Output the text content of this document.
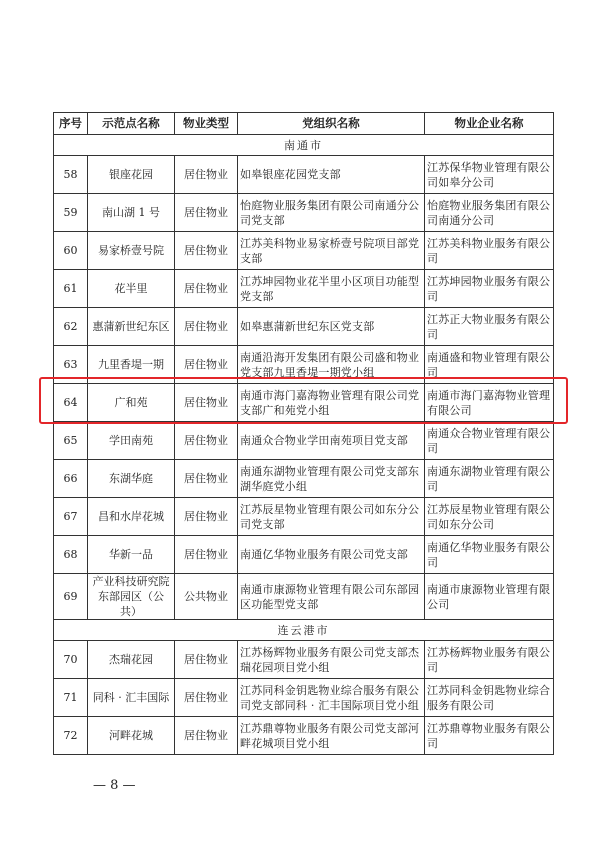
序号	示范点名称	物业类型	党组织名称	物业企业名称
南通市				
58	银座花园	居住物业	如皋银座花园党支部	江苏保华物业管理有限公司如皋分公司
59	南山湖 1 号	居住物业	怡庭物业服务集团有限公司南通分公司党支部	怡庭物业服务集团有限公司南通分公司
60	易家桥壹号院	居住物业	江苏美科物业易家桥壹号院项目部党支部	江苏美科物业服务有限公司
61	花半里	居住物业	江苏坤园物业花半里小区项目功能型党支部	江苏坤园物业服务有限公司
62	惠蒲新世纪东区	居住物业	如皋惠蒲新世纪东区党支部	江苏正大物业服务有限公司
63	九里香堤一期	居住物业	南通沿海开发集团有限公司盛和物业党支部九里香堤一期党小组	南通盛和物业管理有限公司
64	广和苑	居住物业	南通市海门嘉海物业管理有限公司党支部广和苑党小组	南通市海门嘉海物业管理有限公司
65	学田南苑	居住物业	南通众合物业学田南苑项目党支部	南通众合物业管理有限公司
66	东湖华庭	居住物业	南通东湖物业管理有限公司党支部东湖华庭党小组	南通东湖物业管理有限公司
67	昌和水岸花城	居住物业	江苏辰星物业管理有限公司如东分公司党支部	江苏辰星物业管理有限公司如东分公司
68	华新一品	居住物业	南通亿华物业服务有限公司党支部	南通亿华物业服务有限公司
69	产业科技研究院东部园区（公共）	公共物业	南通市康源物业管理有限公司东部园区功能型党支部	南通市康源物业管理有限公司
连云港市				
70	杰瑞花园	居住物业	江苏杨辉物业服务有限公司党支部杰瑞花园项目党小组	江苏杨辉物业服务有限公司
71	同科 · 汇丰国际	居住物业	江苏同科金钥匙物业综合服务有限公司党支部同科 · 汇丰国际项目党小组	江苏同科金钥匙物业综合服务有限公司
72	河畔花城	居住物业	江苏鼎尊物业服务有限公司党支部河畔花城项目党小组	江苏鼎尊物业服务有限公司
— 8 —
